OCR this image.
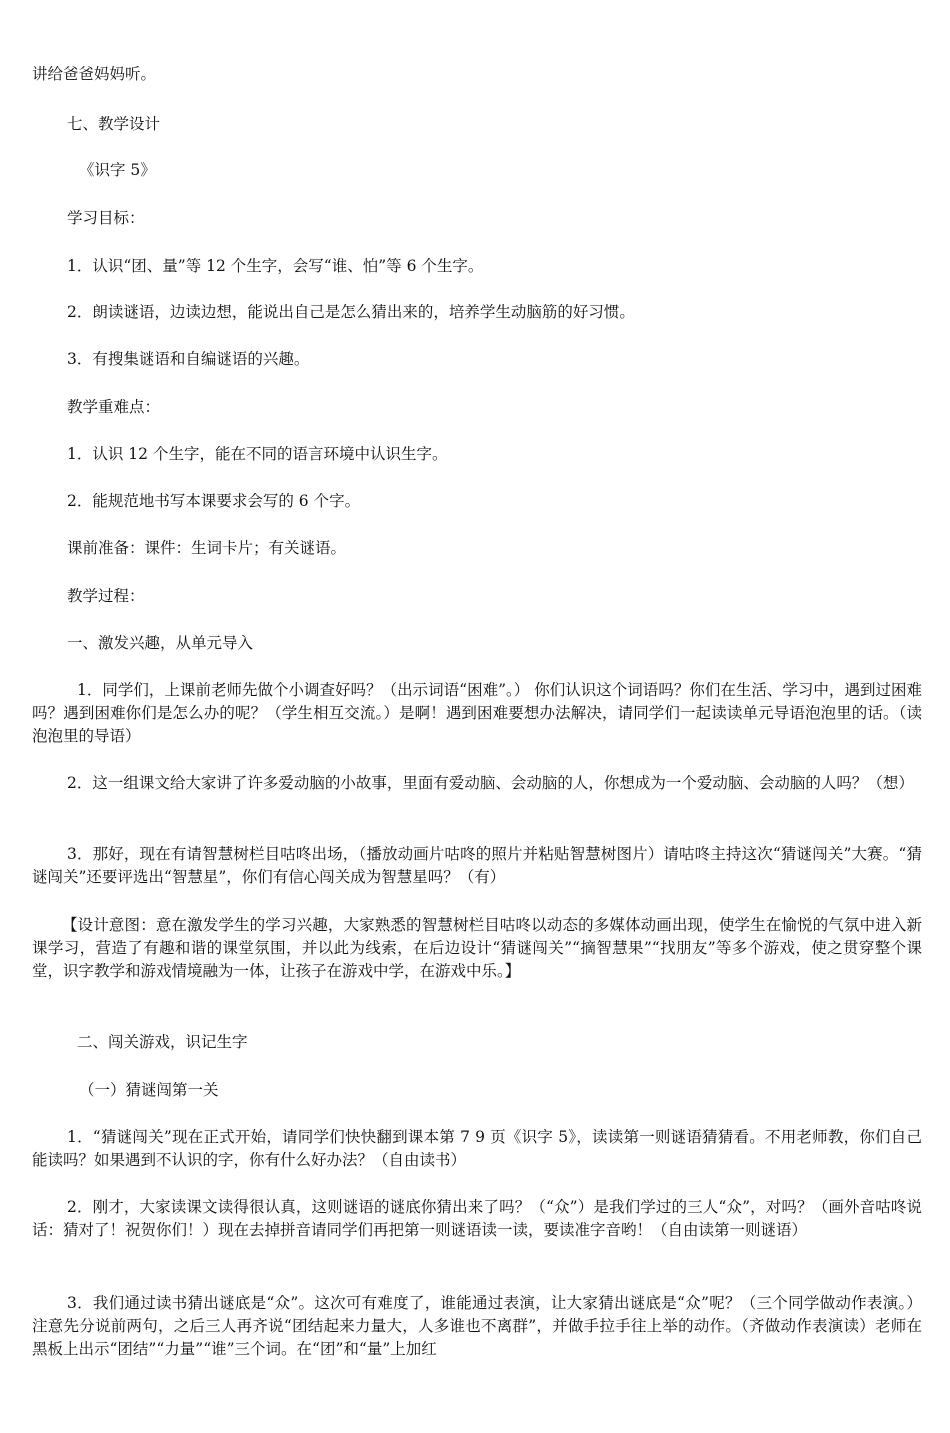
讲给爸爸妈妈听。

七、教学设计

《识字 5》

学习目标：

1．认识“团、量”等 12 个生字，会写“谁、怕”等 6 个生字。

2．朗读谜语，边读边想，能说出自己是怎么猜出来的，培养学生动脑筋的好习惯。

3．有搜集谜语和自编谜语的兴趣。

教学重难点：

1．认识 12 个生字，能在不同的语言环境中认识生字。

2．能规范地书写本课要求会写的 6 个字。

课前准备：课件：生词卡片；有关谜语。

教学过程：

一、激发兴趣，从单元导入

1．同学们，上课前老师先做个小调查好吗？（出示词语“困难”。） 你们认识这个词语吗？你们在生活、学习中，遇到过困难吗？遇到困难你们是怎么办的呢？（学生相互交流。）是啊！遇到困难要想办法解决，请同学们一起读读单元导语泡泡里的话。（读泡泡里的导语）

2．这一组课文给大家讲了许多爱动脑的小故事，里面有爱动脑、会动脑的人，你想成为一个爱动脑、会动脑的人吗？（想）

3．那好，现在有请智慧树栏目咕咚出场，（播放动画片咕咚的照片并粘贴智慧树图片）请咕咚主持这次“猜谜闯关”大赛。“猜谜闯关”还要评选出“智慧星”，你们有信心闯关成为智慧星吗？（有）

【设计意图：意在激发学生的学习兴趣，大家熟悉的智慧树栏目咕咚以动态的多媒体动画出现，使学生在愉悦的气氛中进入新课学习，营造了有趣和谐的课堂氛围，并以此为线索，在后边设计“猜谜闯关”“摘智慧果”“找朋友”等多个游戏，使之贯穿整个课堂，识字教学和游戏情境融为一体，让孩子在游戏中学，在游戏中乐。】

二、闯关游戏，识记生字

（一）猜谜闯第一关

1．“猜谜闯关”现在正式开始，请同学们快快翻到课本第 7 9 页《识字 5》，读读第一则谜语猜猜看。不用老师教，你们自己能读吗？如果遇到不认识的字，你有什么好办法？（自由读书）

2．刚才，大家读课文读得很认真，这则谜语的谜底你猜出来了吗？（“众”）是我们学过的三人“众”，对吗？（画外音咕咚说话：猜对了！祝贺你们！）现在去掉拼音请同学们再把第一则谜语读一读，要读准字音哟！（自由读第一则谜语）

3．我们通过读书猜出谜底是“众”。这次可有难度了，谁能通过表演，让大家猜出谜底是“众”呢？（三个同学做动作表演。）注意先分说前两句，之后三人再齐说“团结起来力量大，人多谁也不离群”，并做手拉手往上举的动作。（齐做动作表演读）老师在黑板上出示“团结”“力量”“谁”三个词。在“团”和“量”上加红
